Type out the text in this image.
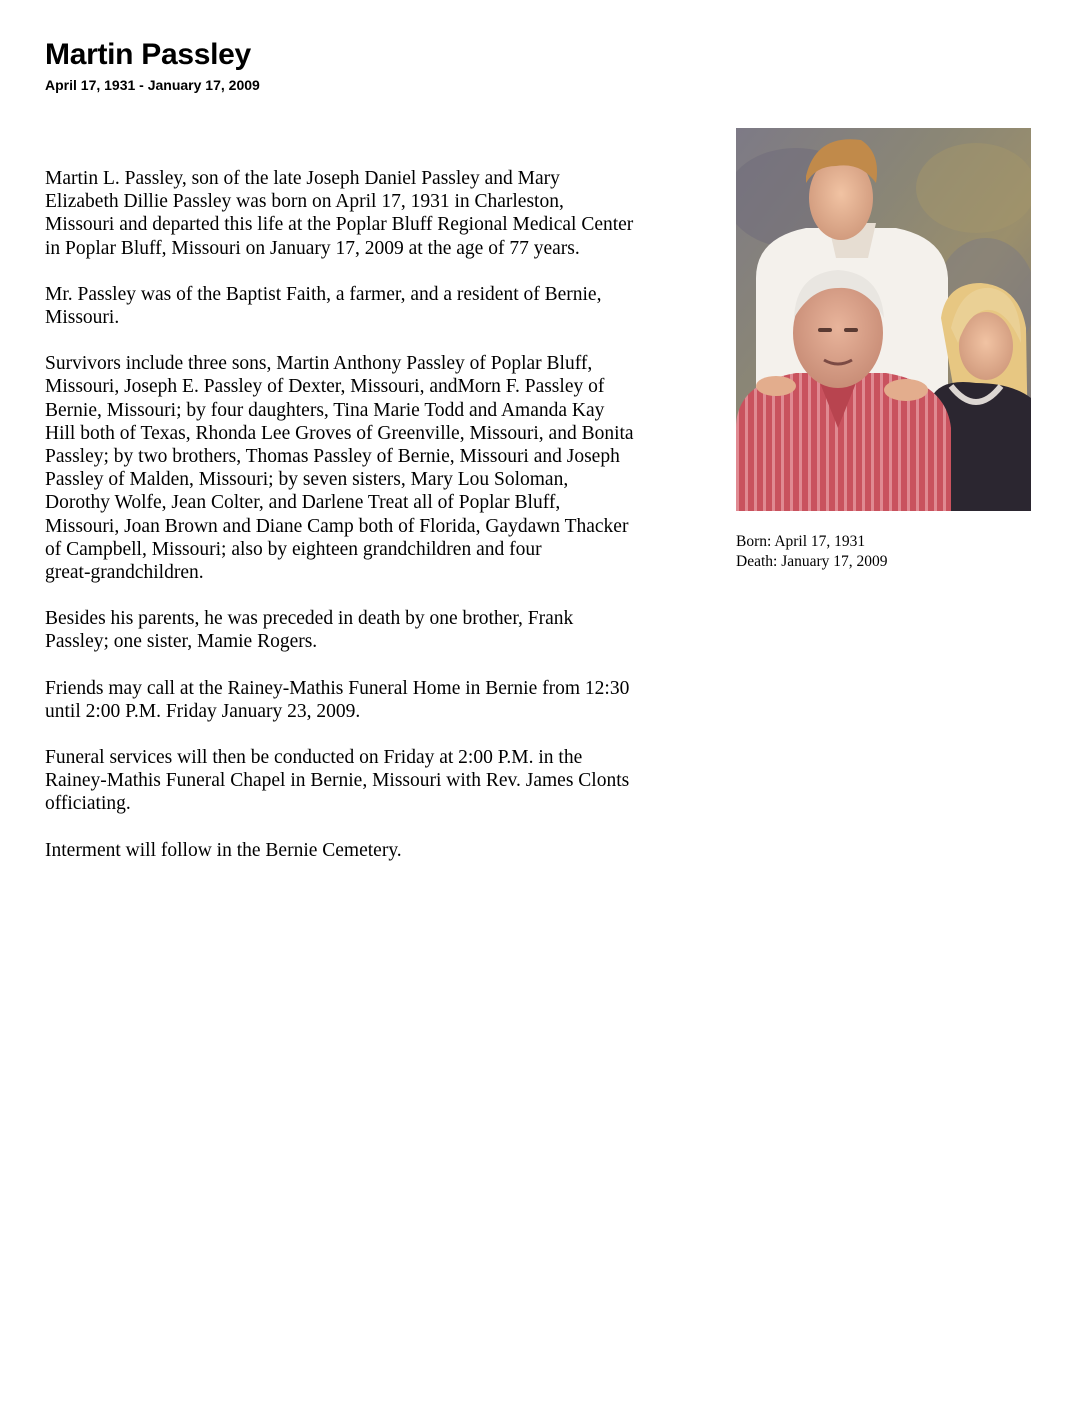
Martin Passley
April 17, 1931 - January 17, 2009

Martin L. Passley, son of the late Joseph Daniel Passley and Mary
Elizabeth Dillie Passley was born on April 17, 1931 in Charleston,
Missouri and departed this life at the Poplar Bluff Regional Medical Center
in Poplar Bluff, Missouri on January 17, 2009 at the age of 77 years.

Mr. Passley was of the Baptist Faith, a farmer, and a resident of Bernie,
Missouri.

Survivors include three sons, Martin Anthony Passley of Poplar Bluff,
Missouri, Joseph E. Passley of Dexter, Missouri, andMorn F. Passley of
Bernie, Missouri; by four daughters, Tina Marie Todd and Amanda Kay
Hill both of Texas, Rhonda Lee Groves of Greenville, Missouri, and Bonita
Passley; by two brothers, Thomas Passley of Bernie, Missouri and Joseph
Passley of Malden, Missouri; by seven sisters, Mary Lou Soloman,
Dorothy Wolfe, Jean Colter, and Darlene Treat all of Poplar Bluff,
Missouri, Joan Brown and Diane Camp both of Florida, Gaydawn Thacker
of Campbell, Missouri; also by eighteen grandchildren and four
great-grandchildren.

Besides his parents, he was preceded in death by one brother, Frank
Passley; one sister, Mamie Rogers.

Friends may call at the Rainey-Mathis Funeral Home in Bernie from 12:30
until 2:00 P.M. Friday January 23, 2009.

Funeral services will then be conducted on Friday at 2:00 P.M. in the
Rainey-Mathis Funeral Chapel in Bernie, Missouri with Rev. James Clonts
officiating.

Interment will follow in the Bernie Cemetery.

Born: April 17, 1931
Death: January 17, 2009
